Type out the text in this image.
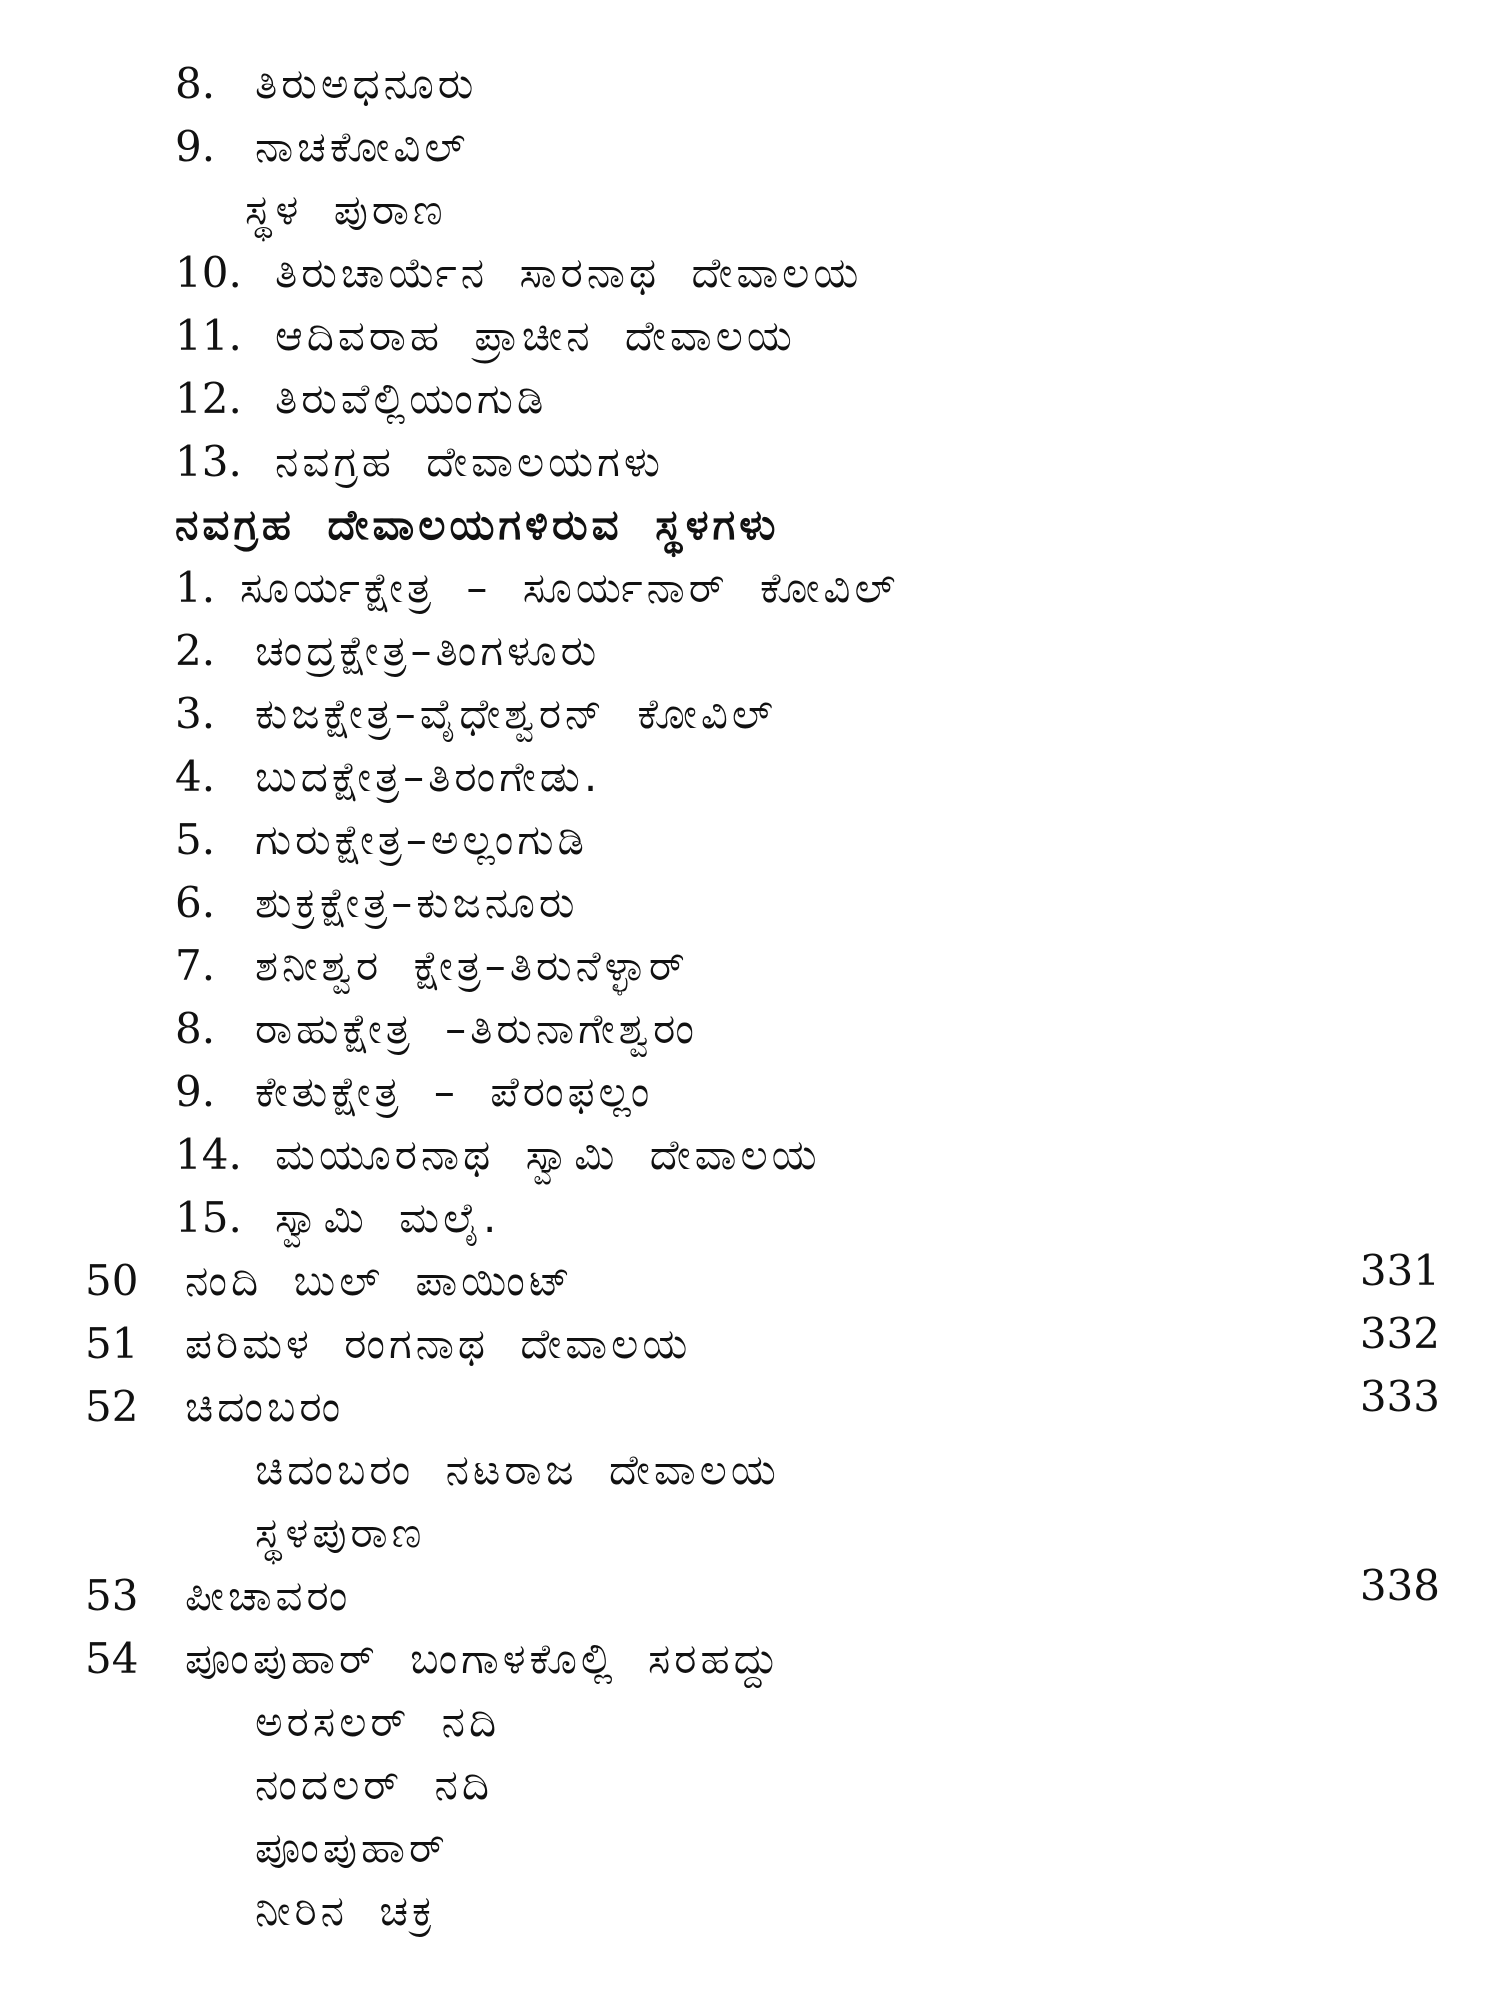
8. ತಿರುಅಧನೂರು
9. ನಾಚಕೋವಿಲ್
ಸ್ಥಳ ಪುರಾಣ
10. ತಿರುಚಾರ್ಯೆನ ಸಾರನಾಥ ದೇವಾಲಯ
11. ಆದಿವರಾಹ ಪ್ರಾಚೀನ ದೇವಾಲಯ
12. ತಿರುವೆಲ್ಲಿಯಂಗುಡಿ
13. ನವಗ್ರಹ ದೇವಾಲಯಗಳು
ನವಗ್ರಹ ದೇವಾಲಯಗಳಿರುವ ಸ್ಥಳಗಳು
1. ಸೂರ್ಯಕ್ಷೇತ್ರ – ಸೂರ್ಯನಾರ್ ಕೋವಿಲ್
2. ಚಂದ್ರಕ್ಷೇತ್ರ–ತಿಂಗಳೂರು
3. ಕುಜಕ್ಷೇತ್ರ–ವೈಧೇಶ್ವರನ್ ಕೋವಿಲ್
4. ಬುದಕ್ಷೇತ್ರ–ತಿರಂಗೇಡು.
5. ಗುರುಕ್ಷೇತ್ರ–ಅಲ್ಲಂಗುಡಿ
6. ಶುಕ್ರಕ್ಷೇತ್ರ–ಕುಜನೂರು
7. ಶನೀಶ್ವರ ಕ್ಷೇತ್ರ–ತಿರುನೆಳ್ಳಾರ್
8. ರಾಹುಕ್ಷೇತ್ರ –ತಿರುನಾಗೇಶ್ವರಂ
9. ಕೇತುಕ್ಷೇತ್ರ – ಪೆರಂಫಲ್ಲಂ
14. ಮಯೂರನಾಥ ಸ್ವಾಮಿ ದೇವಾಲಯ
15. ಸ್ವಾಮಿ ಮಲೈ.
50 ನಂದಿ ಬುಲ್ ಪಾಯಿಂಟ್	331
51 ಪರಿಮಳ ರಂಗನಾಥ ದೇವಾಲಯ	332
52 ಚಿದಂಬರಂ	333
ಚಿದಂಬರಂ ನಟರಾಜ ದೇವಾಲಯ
ಸ್ಥಳಪುರಾಣ
53 ಪೀಚಾವರಂ	338
54 ಪೂಂಪುಹಾರ್ ಬಂಗಾಳಕೊಲ್ಲಿ ಸರಹದ್ದು
ಅರಸಲರ್ ನದಿ
ನಂದಲರ್ ನದಿ
ಪೂಂಪುಹಾರ್
ನೀರಿನ ಚಕ್ರ
